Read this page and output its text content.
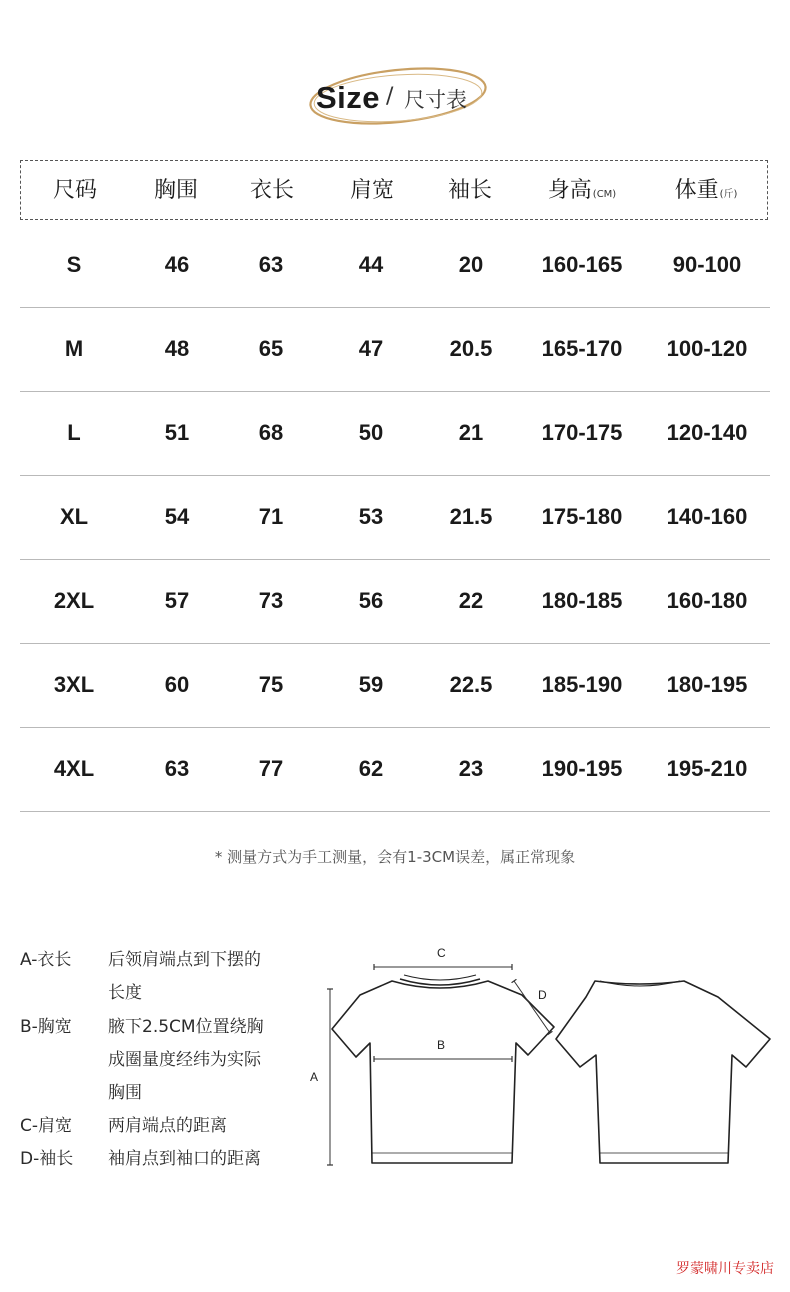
Size / 尺寸表
尺码	胸围 衣长	肩宽 袖长	身高(CM)	体重(斤)
S	46	63	44	20	160-165 90-100
M	48	65	47	20.5 165-170 100-120
L	51	68	50	21	170-175 120-140
XL	54	71	53	21.5 175-180 140-160
2XL	57	73	56	22	180-185 160-180
3XL	60	75	59	22.5 185-190 180-195
4XL	63	77	62	23	190-195 195-210
* 测量方式为手工测量，会有1-3CM误差，属正常现象
A-衣长 后领肩端点到下摆的
长度
B-胸宽 腋下2.5CM位置绕胸
成圈量度经纬为实际
胸围
C-肩宽 两肩端点的距离
D-袖长 袖肩点到袖口的距离
A
B
C
D
罗蒙啸川专卖店
